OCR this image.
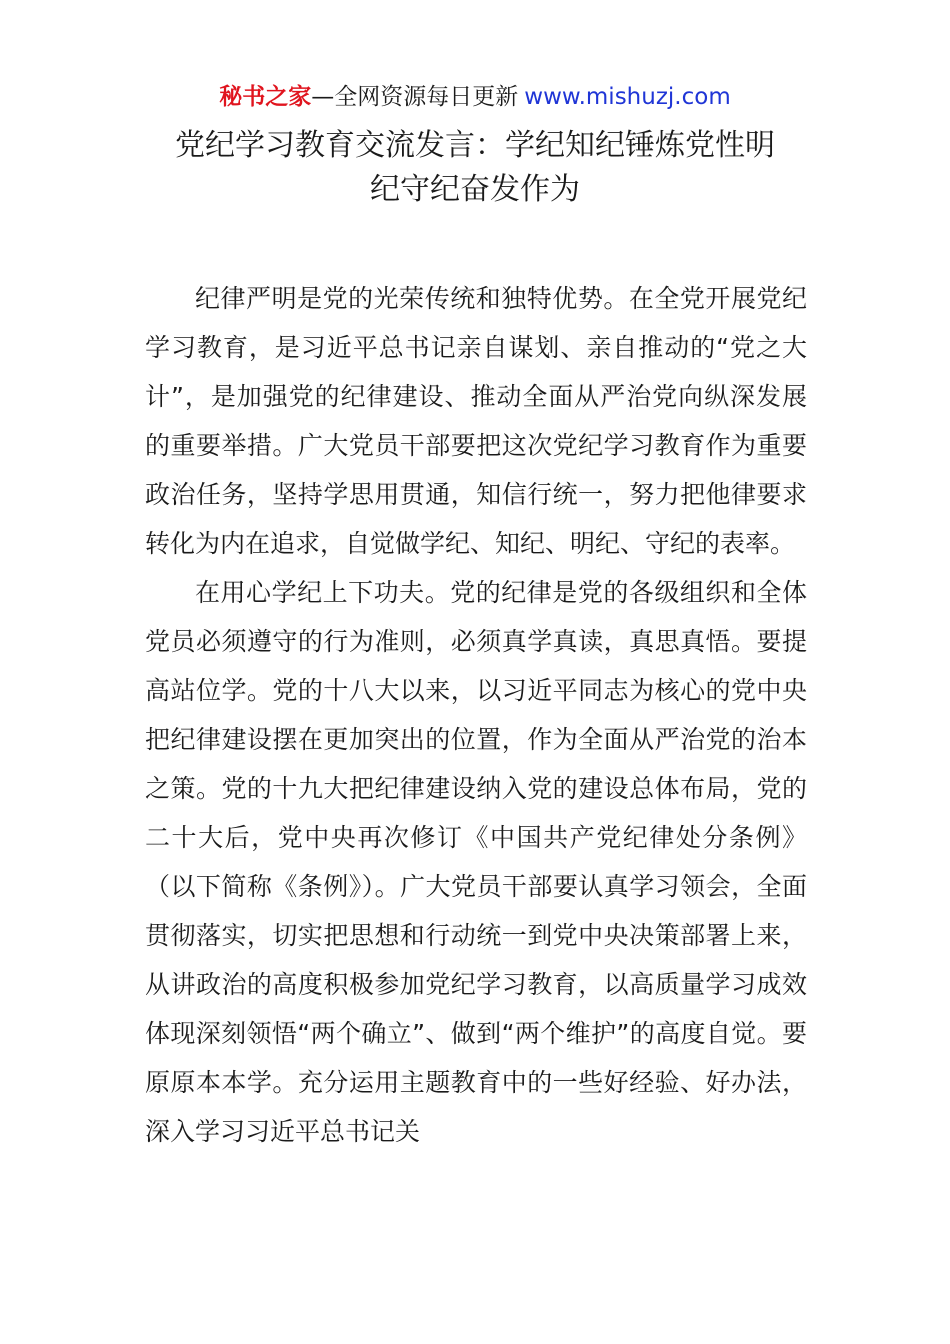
秘书之家—全网资源每日更新 www.mishuzj.com
党纪学习教育交流发言：学纪知纪锤炼党性明
纪守纪奋发作为

纪律严明是党的光荣传统和独特优势。在全党开展党纪学习教育，是习近平总书记亲自谋划、亲自推动的“党之大计”，是加强党的纪律建设、推动全面从严治党向纵深发展的重要举措。广大党员干部要把这次党纪学习教育作为重要政治任务，坚持学思用贯通，知信行统一，努力把他律要求转化为内在追求，自觉做学纪、知纪、明纪、守纪的表率。

在用心学纪上下功夫。党的纪律是党的各级组织和全体党员必须遵守的行为准则，必须真学真读，真思真悟。要提高站位学。党的十八大以来，以习近平同志为核心的党中央把纪律建设摆在更加突出的位置，作为全面从严治党的治本之策。党的十九大把纪律建设纳入党的建设总体布局，党的二十大后，党中央再次修订《中国共产党纪律处分条例》（以下简称《条例》）。广大党员干部要认真学习领会，全面贯彻落实，切实把思想和行动统一到党中央决策部署上来，从讲政治的高度积极参加党纪学习教育，以高质量学习成效体现深刻领悟“两个确立”、做到“两个维护”的高度自觉。要原原本本学。充分运用主题教育中的一些好经验、好办法，深入学习习近平总书记关
